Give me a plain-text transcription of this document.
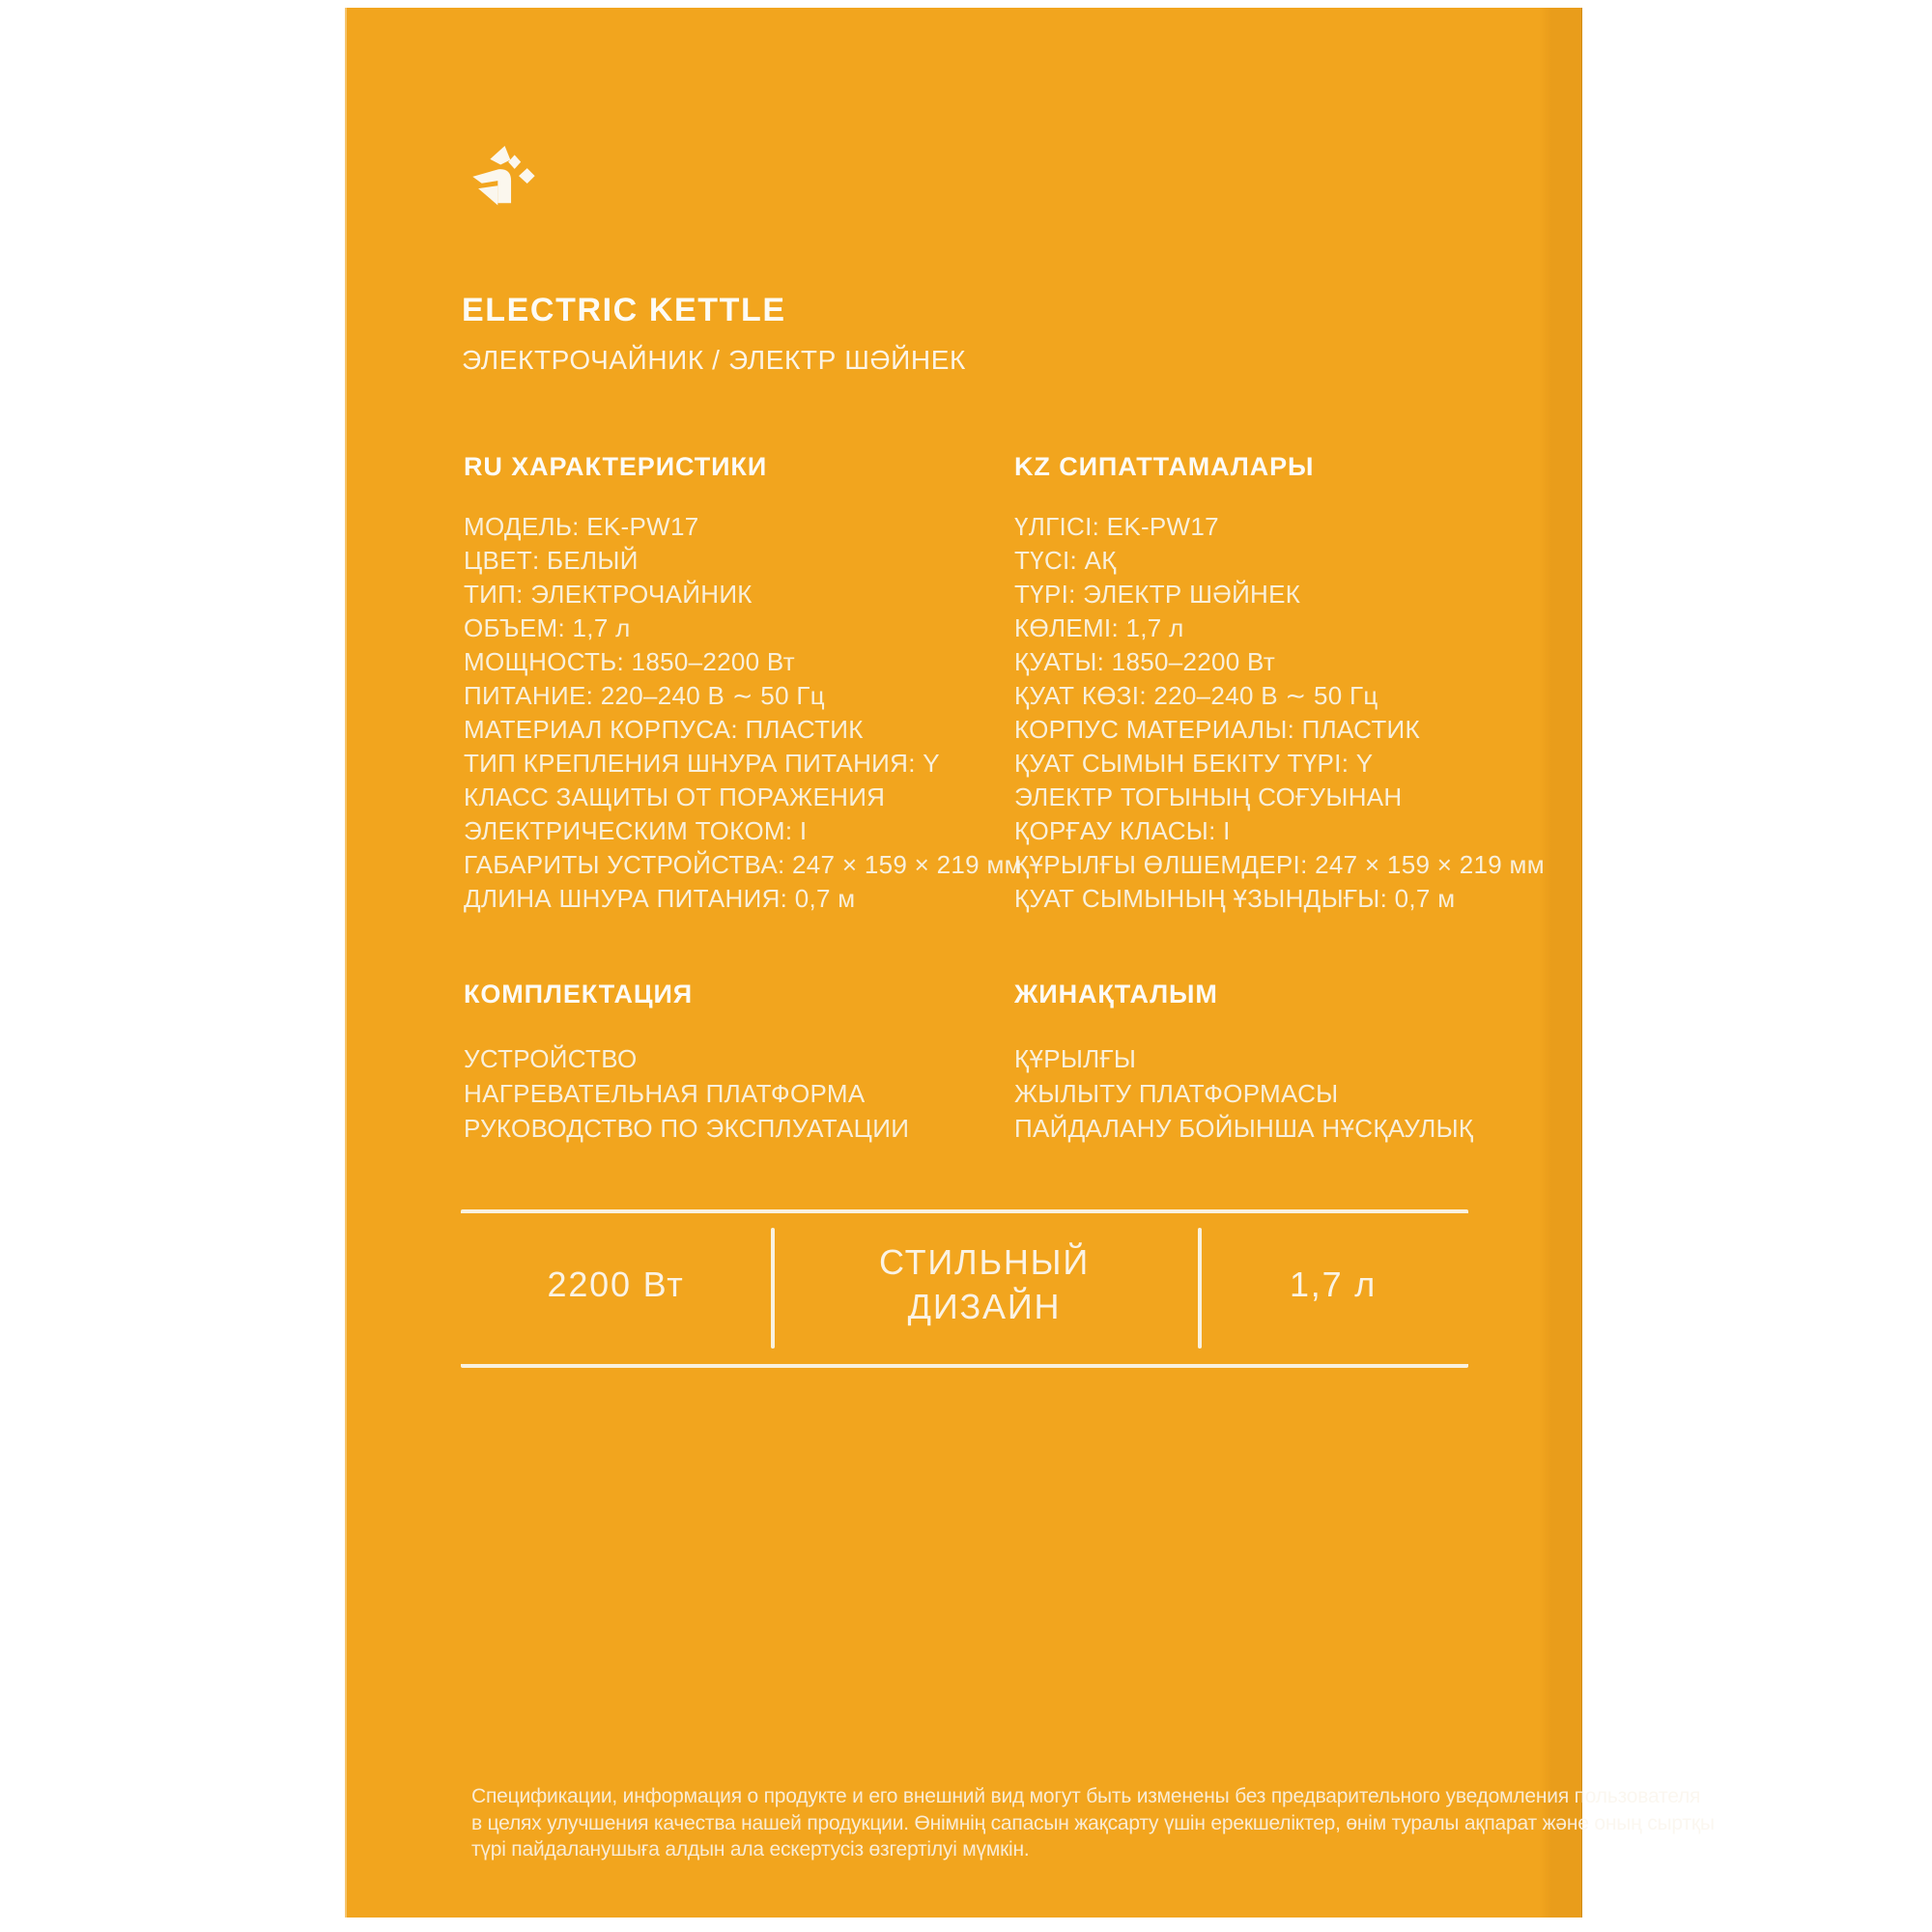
ELECTRIC KETTLE
ЭЛЕКТРОЧАЙНИК / ЭЛЕКТР ШӘЙНЕК
RU ХАРАКТЕРИСТИКИ
МОДЕЛЬ: EK-PW17
ЦВЕТ: БЕЛЫЙ
ТИП: ЭЛЕКТРОЧАЙНИК
ОБЪЕМ: 1,7 л
МОЩНОСТЬ: 1850–2200 Вт
ПИТАНИЕ: 220–240 В ∼ 50 Гц
МАТЕРИАЛ КОРПУСА: ПЛАСТИК
ТИП КРЕПЛЕНИЯ ШНУРА ПИТАНИЯ: Y
КЛАСС ЗАЩИТЫ ОТ ПОРАЖЕНИЯ
ЭЛЕКТРИЧЕСКИМ ТОКОМ: I
ГАБАРИТЫ УСТРОЙСТВА: 247 × 159 × 219 мм
ДЛИНА ШНУРА ПИТАНИЯ: 0,7 м
KZ СИПАТТАМАЛАРЫ
ҮЛГІСІ: EK-PW17
ТҮСІ: АҚ
ТҮРІ: ЭЛЕКТР ШӘЙНЕК
КӨЛЕМІ: 1,7 л
ҚУАТЫ: 1850–2200 Вт
ҚУАТ КӨЗІ: 220–240 В ∼ 50 Гц
КОРПУС МАТЕРИАЛЫ: ПЛАСТИК
ҚУАТ СЫМЫН БЕКІТУ ТҮРІ: Y
ЭЛЕКТР ТОГЫНЫҢ СОҒУЫНАН
ҚОРҒАУ КЛАСЫ: I
ҚҰРЫЛҒЫ ӨЛШЕМДЕРІ: 247 × 159 × 219 мм
ҚУАТ СЫМЫНЫҢ ҰЗЫНДЫҒЫ: 0,7 м
КОМПЛЕКТАЦИЯ
УСТРОЙСТВО
НАГРЕВАТЕЛЬНАЯ ПЛАТФОРМА
РУКОВОДСТВО ПО ЭКСПЛУАТАЦИИ
ЖИНАҚТАЛЫМ
ҚҰРЫЛҒЫ
ЖЫЛЫТУ ПЛАТФОРМАСЫ
ПАЙДАЛАНУ БОЙЫНША НҰСҚАУЛЫҚ
2200 Вт
СТИЛЬНЫЙ
ДИЗАЙН
1,7 л
Спецификации, информация о продукте и его внешний вид могут быть изменены без предварительного уведомления пользователя
в целях улучшения качества нашей продукции. Өнімнің сапасын жақсарту үшін ерекшеліктер, өнім туралы ақпарат және оның сыртқы
түрі пайдаланушыға алдын ала ескертусіз өзгертілуі мүмкін.
